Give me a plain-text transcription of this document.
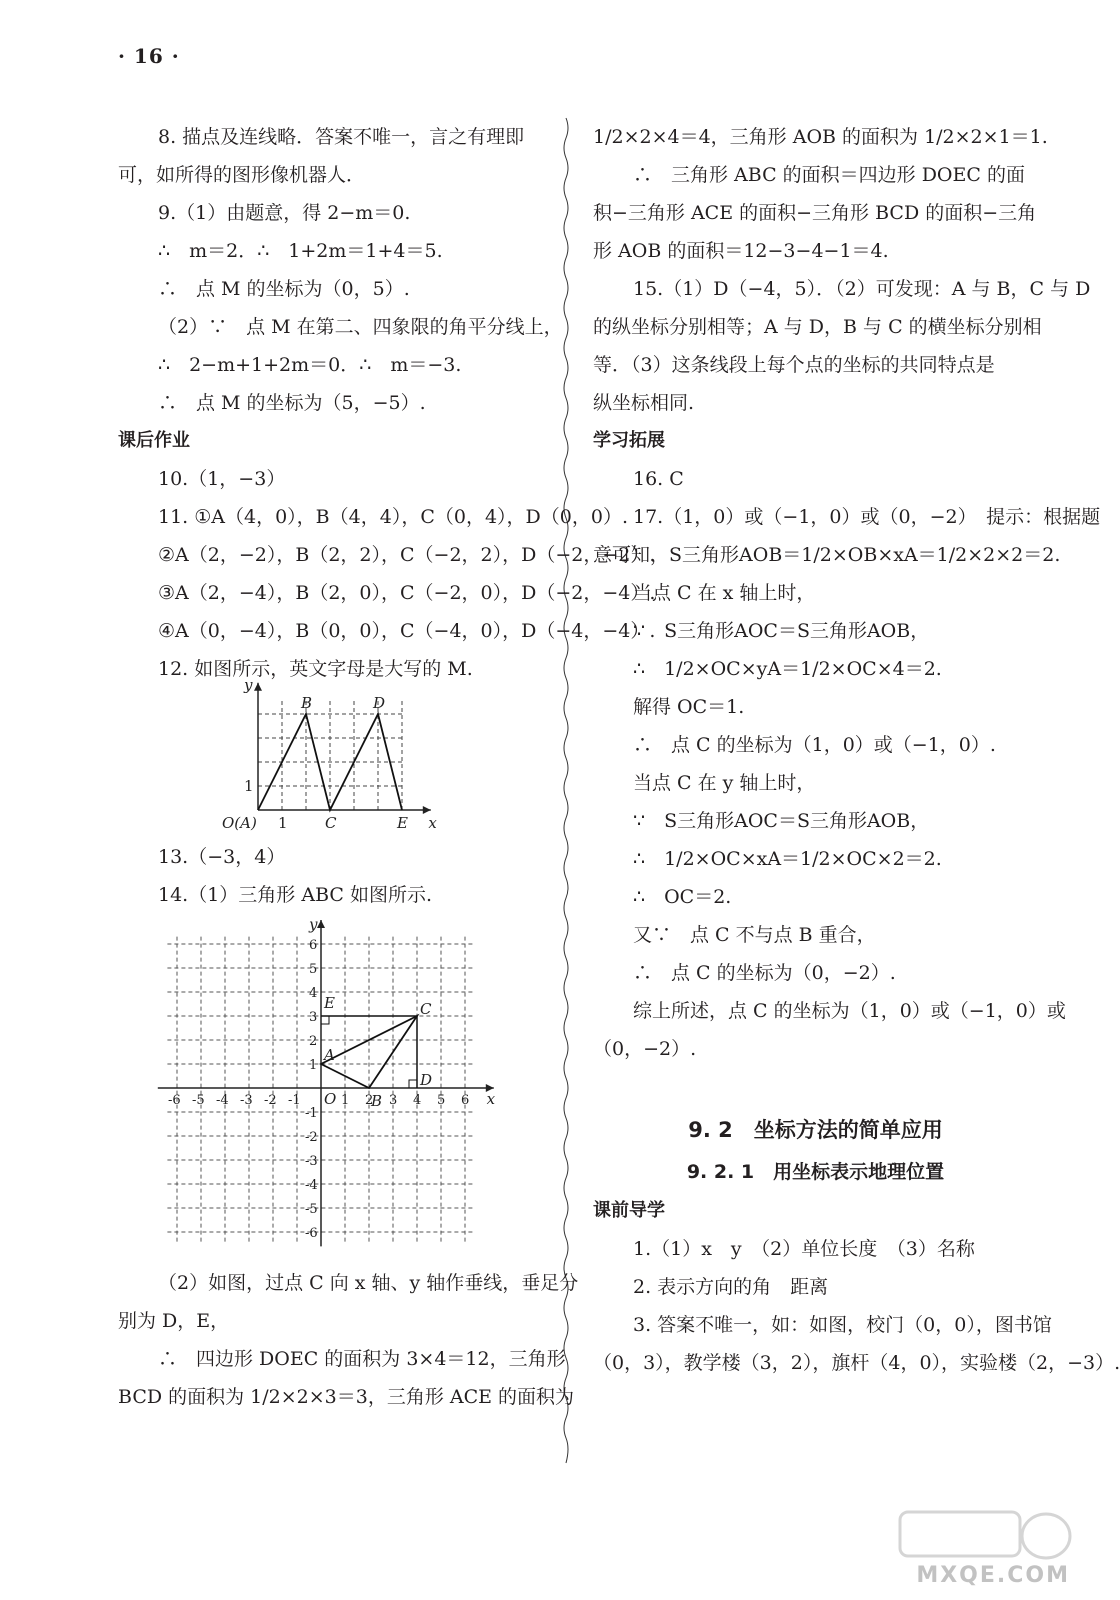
· 16 ·
8. 描点及连线略．答案不唯一，言之有理即
可，如所得的图形像机器人．
9.（1）由题意，得 2−m＝0.
∴　m＝2．∴　1+2m＝1+4＝5.
∴　点 M 的坐标为（0，5）.
（2）∵　点 M 在第二、四象限的角平分线上，
∴　2−m+1+2m＝0．∴　m＝−3.
∴　点 M 的坐标为（5，−5）.
课后作业
10.（1，−3）
11. ①A（4，0），B（4，4），C（0，4），D（0，0）.
②A（2，−2），B（2，2），C（−2，2），D（−2，−2）.
③A（2，−4），B（2，0），C（−2，0），D（−2，−4）.
④A（0，−4），B（0，0），C（−4，0），D（−4，−4）.
12. 如图所示，英文字母是大写的 M.
y
x
B	D
1
O(A) 1 C	E
13.（−3，4）
14.（1）三角形 ABC 如图所示.
-6 -5 -4 -3 -2 -1	1 2 3 4 5 6
6
5
4
3
2
1
-1
-2
-3
-4
-5
-6
y
x
O
A
B
C
D
E
（2）如图，过点 C 向 x 轴、y 轴作垂线，垂足分
别为 D，E，
∴　四边形 DOEC 的面积为 3×4＝12，三角形
BCD 的面积为 1/2×2×3＝3，三角形 ACE 的面积为
1/2×2×4＝4，三角形 AOB 的面积为 1/2×2×1＝1.
∴　三角形 ABC 的面积＝四边形 DOEC 的面
积−三角形 ACE 的面积−三角形 BCD 的面积−三角
形 AOB 的面积＝12−3−4−1＝4.
15.（1）D（−4，5）．（2）可发现：A 与 B，C 与 D
的纵坐标分别相等；A 与 D，B 与 C 的横坐标分别相
等．（3）这条线段上每个点的坐标的共同特点是
纵坐标相同.
学习拓展
16. C
17.（1，0）或（−1，0）或（0，−2）　提示：根据题
意可知，S三角形AOB＝1/2×OB×xA＝1/2×2×2＝2.
当点 C 在 x 轴上时，
∵　S三角形AOC＝S三角形AOB，
∴　1/2×OC×yA＝1/2×OC×4＝2.
解得 OC＝1.
∴　点 C 的坐标为（1，0）或（−1，0）.
当点 C 在 y 轴上时，
∵　S三角形AOC＝S三角形AOB，
∴　1/2×OC×xA＝1/2×OC×2＝2.
∴　OC＝2.
又∵　点 C 不与点 B 重合，
∴　点 C 的坐标为（0，−2）.
综上所述，点 C 的坐标为（1，0）或（−1，0）或
（0，−2）.
9. 2　坐标方法的简单应用
9. 2. 1　用坐标表示地理位置
课前导学
1.（1）x　y　（2）单位长度　（3）名称
2. 表示方向的角　距离
3. 答案不唯一，如：如图，校门（0，0），图书馆
（0，3），教学楼（3，2），旗杆（4，0），实验楼（2，−3）.
MXQE.COM
